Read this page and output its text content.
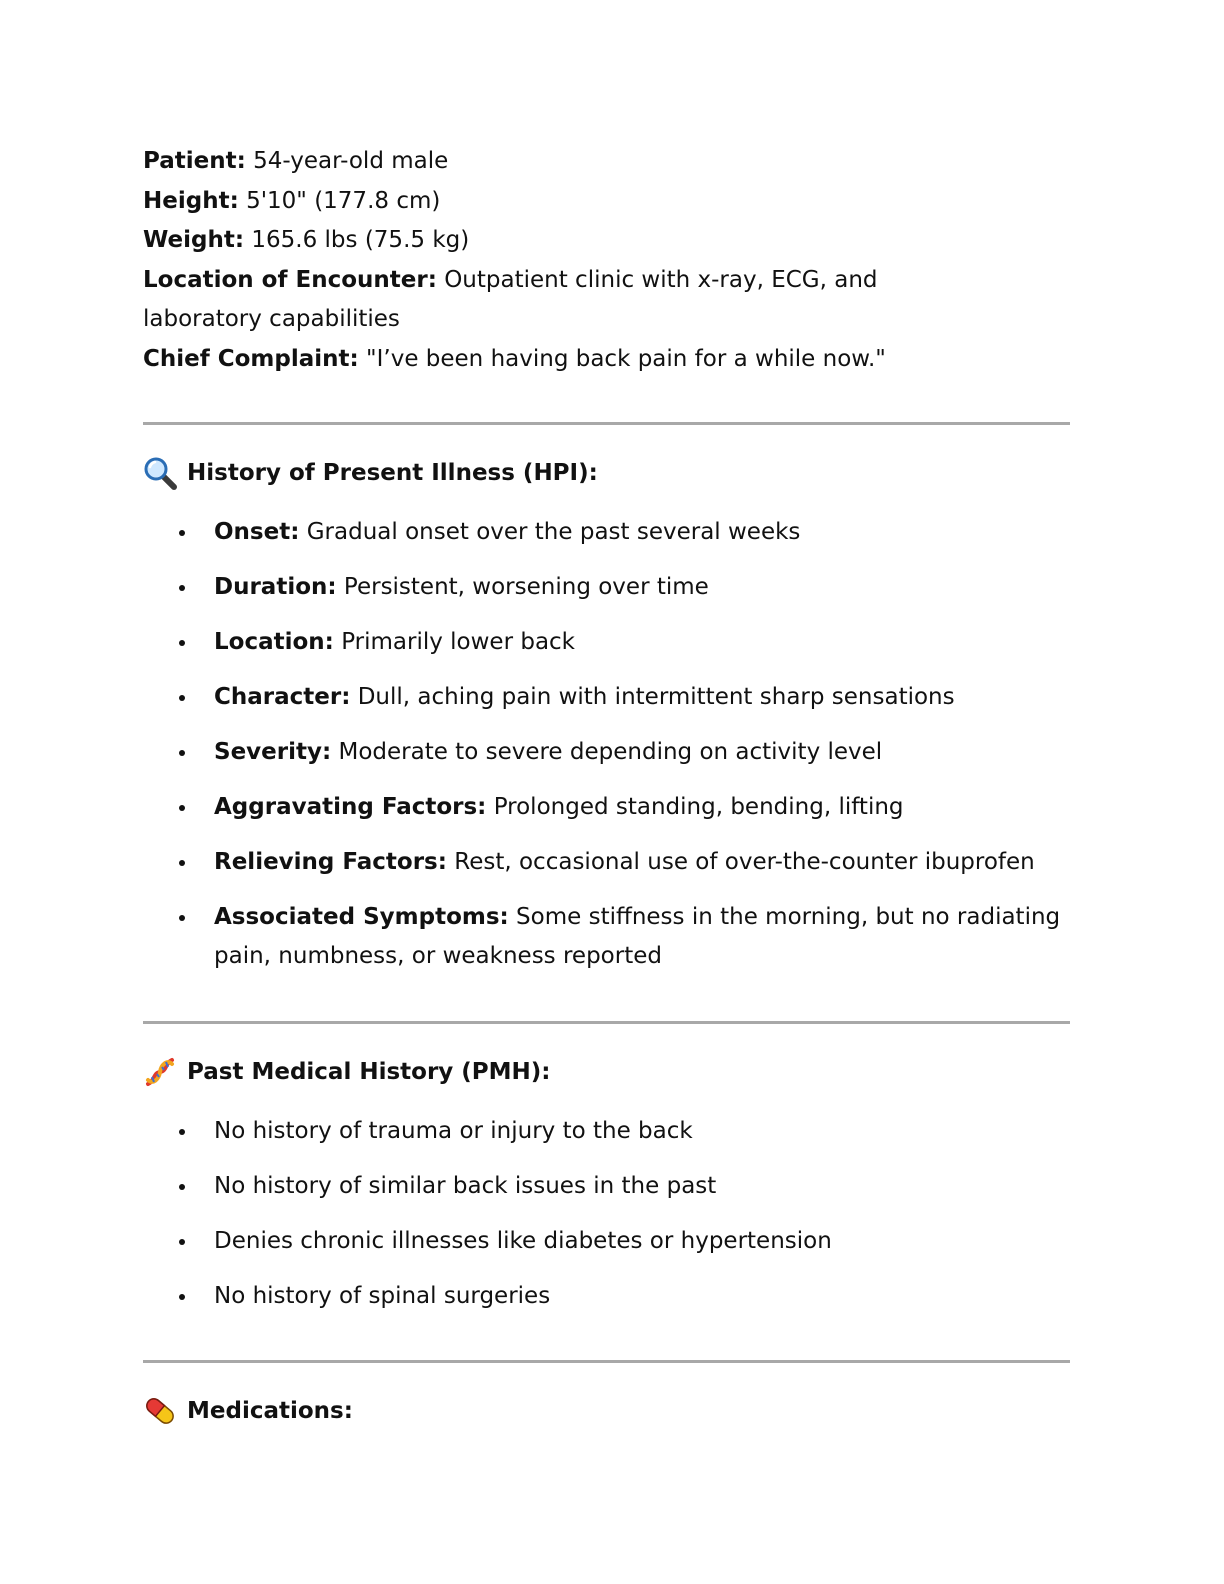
Patient: 54-year-old male

Height: 5'10" (177.8 cm)

Weight: 165.6 lbs (75.5 kg)

Location of Encounter: Outpatient clinic with x-ray, ECG, and laboratory capabilities

Chief Complaint: "I’ve been having back pain for a while now."

History of Present Illness (HPI):
Onset: Gradual onset over the past several weeks
Duration: Persistent, worsening over time
Location: Primarily lower back
Character: Dull, aching pain with intermittent sharp sensations
Severity: Moderate to severe depending on activity level
Aggravating Factors: Prolonged standing, bending, lifting
Relieving Factors: Rest, occasional use of over-the-counter ibuprofen
Associated Symptoms: Some stiffness in the morning, but no radiating pain, numbness, or weakness reported
Past Medical History (PMH):
No history of trauma or injury to the back
No history of similar back issues in the past
Denies chronic illnesses like diabetes or hypertension
No history of spinal surgeries
Medications:
